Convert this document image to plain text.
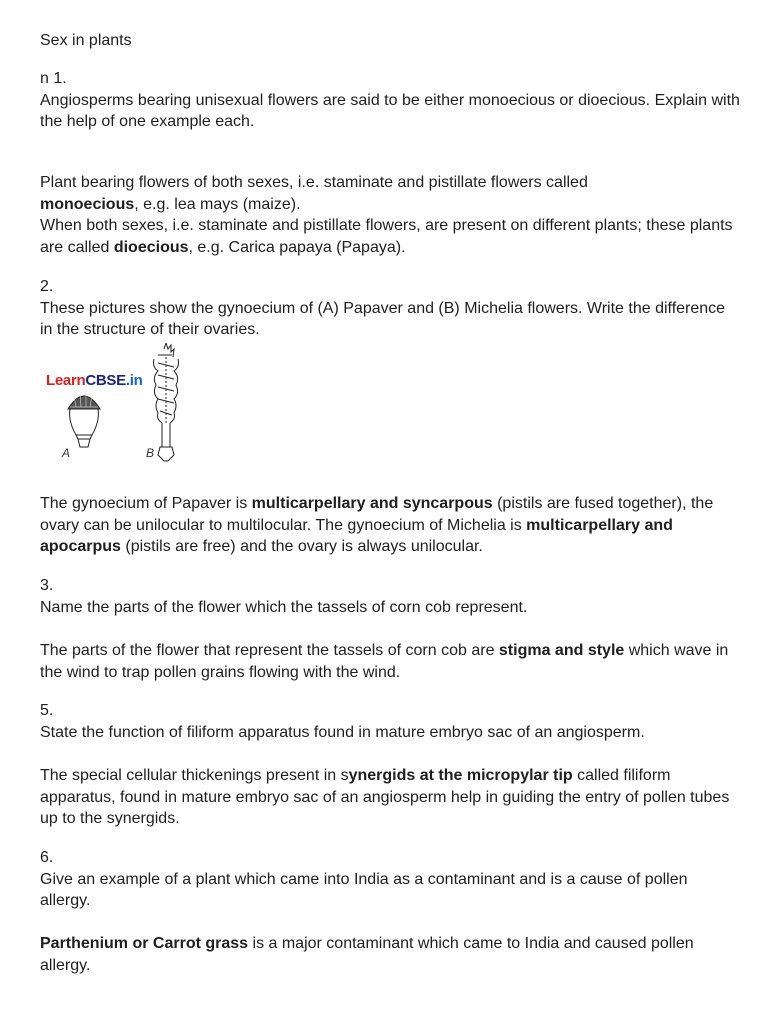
Sex in plants

n 1.

Angiosperms bearing unisexual flowers are said to be either monoecious or dioecious. Explain with the help of one example each.

Plant bearing flowers of both sexes, i.e. staminate and pistillate flowers called
monoecious, e.g. lea mays (maize).

When both sexes, i.e. staminate and pistillate flowers, are present on different plants; these plants are called dioecious, e.g. Carica papaya (Papaya).

2.

These pictures show the gynoecium of (A) Papaver and (B) Michelia flowers. Write the difference in the structure of their ovaries.

LearnCBSE.in
A	B

The gynoecium of Papaver is multicarpellary and syncarpous (pistils are fused together), the ovary can be unilocular to multilocular. The gynoecium of Michelia is multicarpellary and apocarpus (pistils are free) and the ovary is always unilocular.

3.

Name the parts of the flower which the tassels of corn cob represent.

The parts of the flower that represent the tassels of corn cob are stigma and style which wave in the wind to trap pollen grains flowing with the wind.

5.

State the function of filiform apparatus found in mature embryo sac of an angiosperm.

The special cellular thickenings present in synergids at the micropylar tip called filiform apparatus, found in mature embryo sac of an angiosperm help in guiding the entry of pollen tubes up to the synergids.

6.

Give an example of a plant which came into India as a contaminant and is a cause of pollen allergy.

Parthenium or Carrot grass is a major contaminant which came to India and caused pollen allergy.
